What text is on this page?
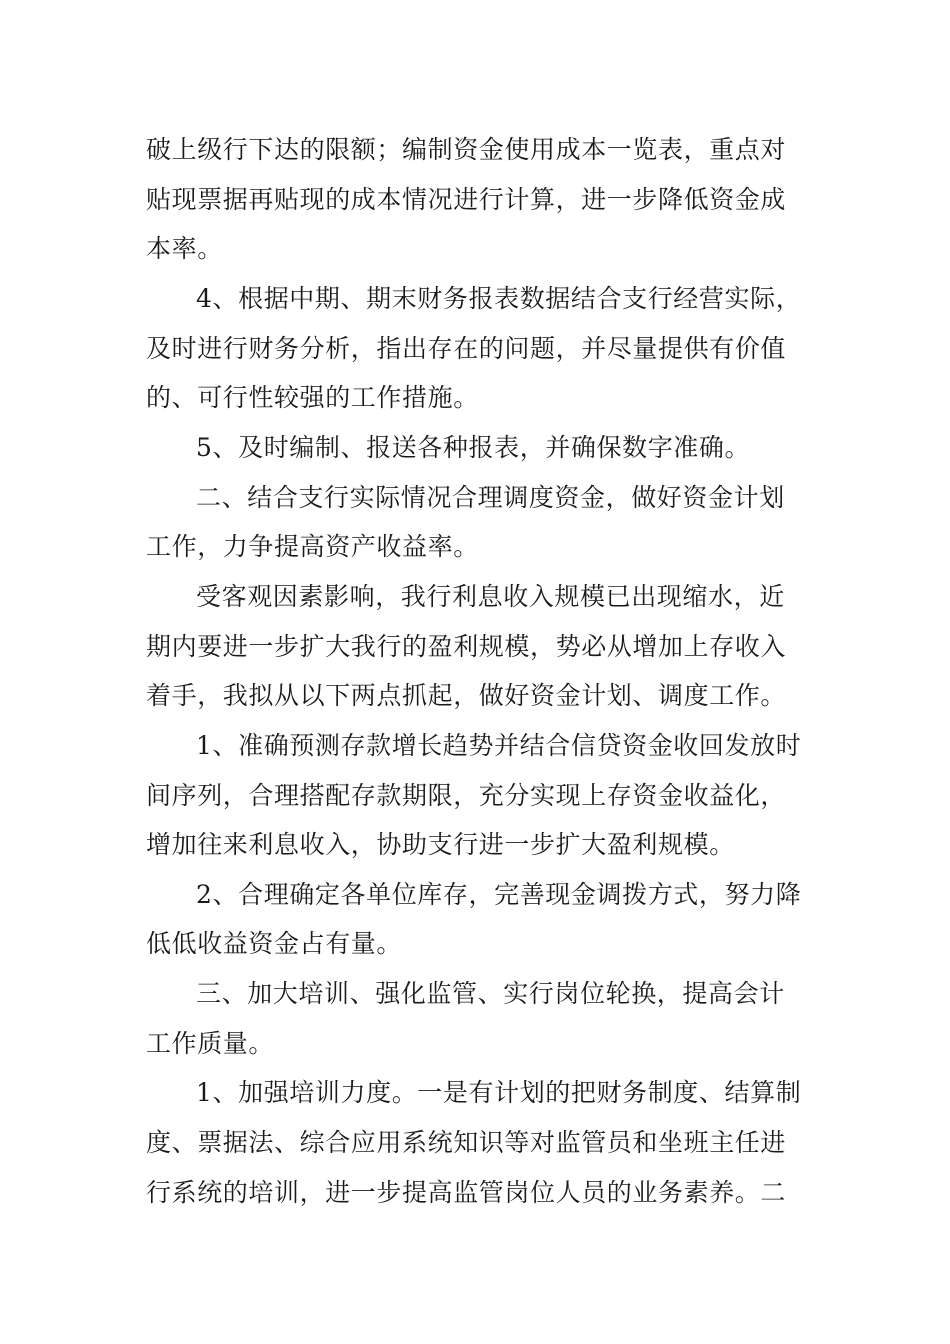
破上级行下达的限额；编制资金使用成本一览表，重点对
贴现票据再贴现的成本情况进行计算，进一步降低资金成
本率。
4、根据中期、期末财务报表数据结合支行经营实际，
及时进行财务分析，指出存在的问题，并尽量提供有价值
的、可行性较强的工作措施。
5、及时编制、报送各种报表，并确保数字准确。
二、结合支行实际情况合理调度资金，做好资金计划
工作，力争提高资产收益率。
受客观因素影响，我行利息收入规模已出现缩水，近
期内要进一步扩大我行的盈利规模，势必从增加上存收入
着手，我拟从以下两点抓起，做好资金计划、调度工作。
1、准确预测存款增长趋势并结合信贷资金收回发放时
间序列，合理搭配存款期限，充分实现上存资金收益化，
增加往来利息收入，协助支行进一步扩大盈利规模。
2、合理确定各单位库存，完善现金调拨方式，努力降
低低收益资金占有量。
三、加大培训、强化监管、实行岗位轮换，提高会计
工作质量。
1、加强培训力度。一是有计划的把财务制度、结算制
度、票据法、综合应用系统知识等对监管员和坐班主任进
行系统的培训，进一步提高监管岗位人员的业务素养。二
